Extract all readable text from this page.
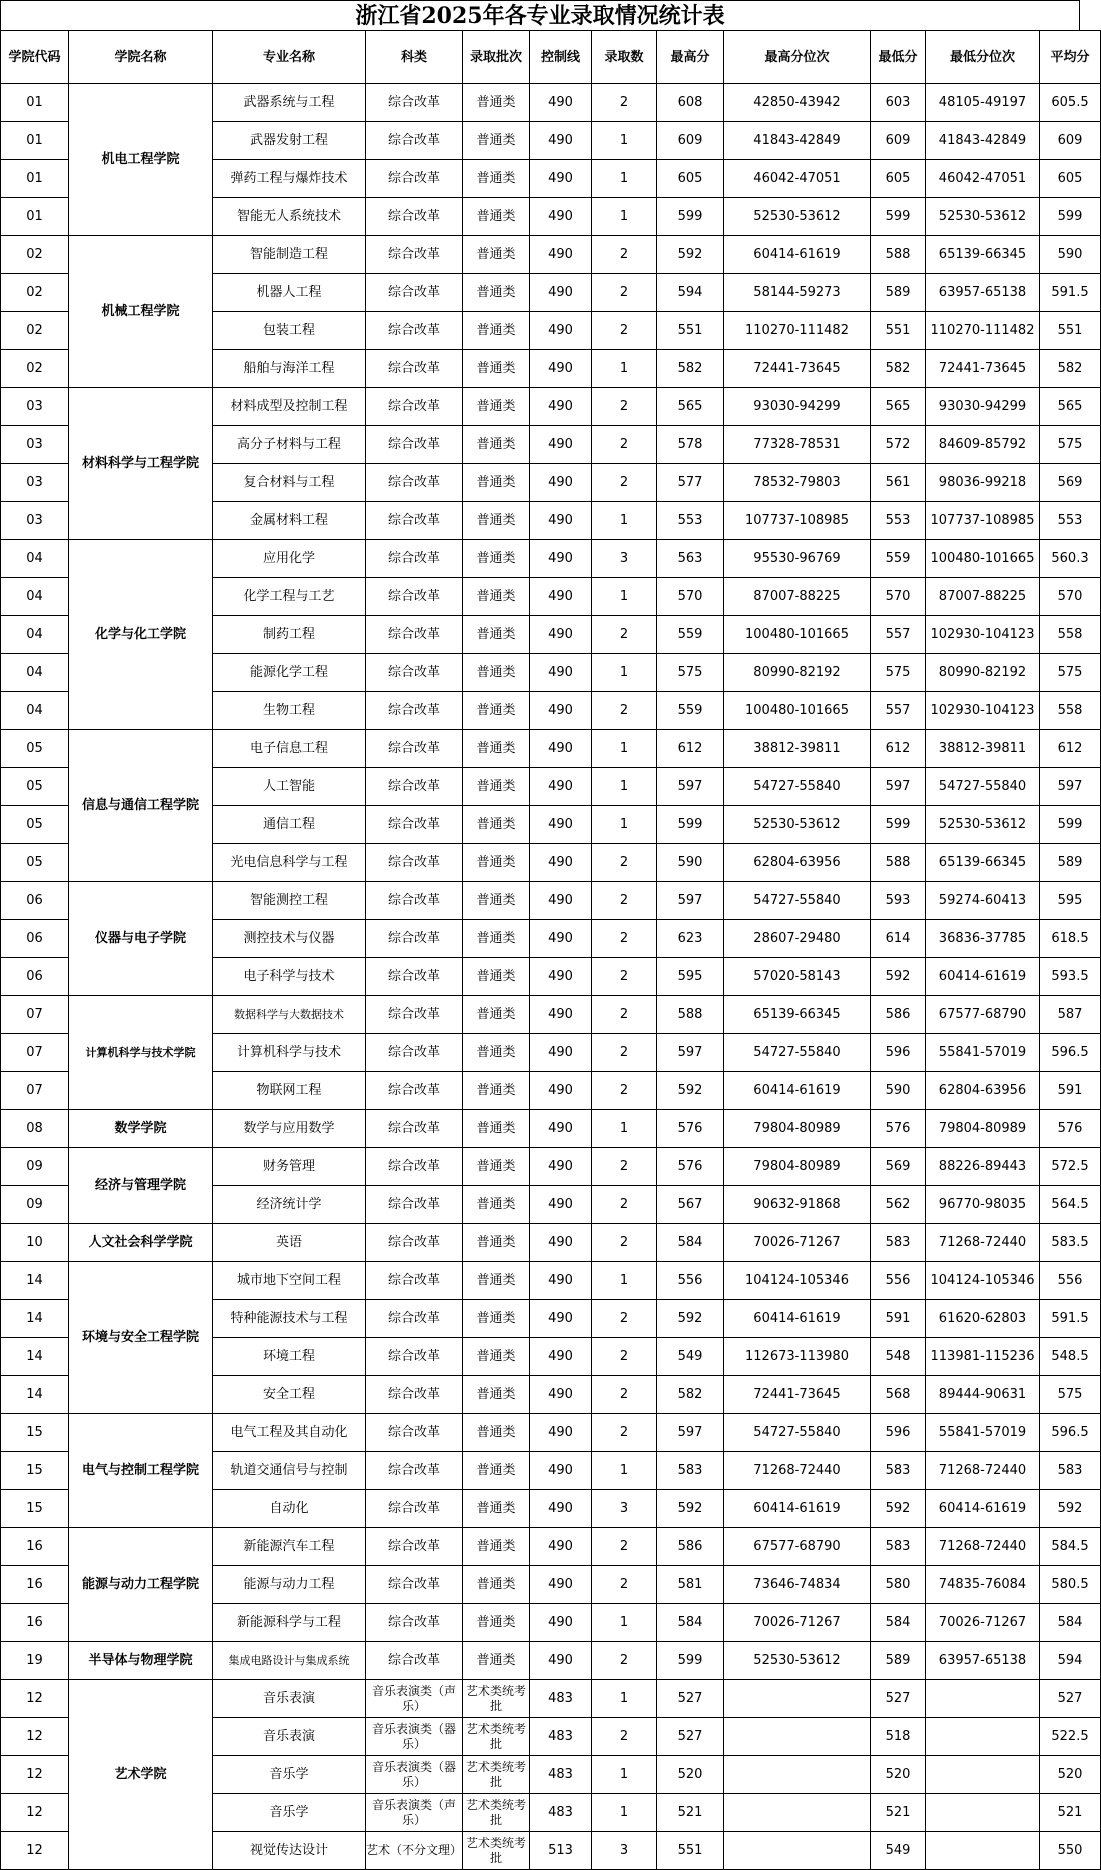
浙江省2025年各专业录取情况统计表
学院代码	学院名称	专业名称	科类	录取批次	控制线	录取数	最高分	最高分位次	最低分	最低分位次	平均分
01	机电工程学院	武器系统与工程	综合改革	普通类	490	2	608	42850-43942	603	48105-49197	605.5
01		武器发射工程	综合改革	普通类	490	1	609	41843-42849	609	41843-42849	609
01		弹药工程与爆炸技术	综合改革	普通类	490	1	605	46042-47051	605	46042-47051	605
01		智能无人系统技术	综合改革	普通类	490	1	599	52530-53612	599	52530-53612	599
02	机械工程学院	智能制造工程	综合改革	普通类	490	2	592	60414-61619	588	65139-66345	590
02		机器人工程	综合改革	普通类	490	2	594	58144-59273	589	63957-65138	591.5
02		包装工程	综合改革	普通类	490	2	551	110270-111482	551	110270-111482	551
02		船舶与海洋工程	综合改革	普通类	490	1	582	72441-73645	582	72441-73645	582
03	材料科学与工程学院	材料成型及控制工程	综合改革	普通类	490	2	565	93030-94299	565	93030-94299	565
03		高分子材料与工程	综合改革	普通类	490	2	578	77328-78531	572	84609-85792	575
03		复合材料与工程	综合改革	普通类	490	2	577	78532-79803	561	98036-99218	569
03		金属材料工程	综合改革	普通类	490	1	553	107737-108985	553	107737-108985	553
04	化学与化工学院	应用化学	综合改革	普通类	490	3	563	95530-96769	559	100480-101665	560.3
04		化学工程与工艺	综合改革	普通类	490	1	570	87007-88225	570	87007-88225	570
04		制药工程	综合改革	普通类	490	2	559	100480-101665	557	102930-104123	558
04		能源化学工程	综合改革	普通类	490	1	575	80990-82192	575	80990-82192	575
04		生物工程	综合改革	普通类	490	2	559	100480-101665	557	102930-104123	558
05	信息与通信工程学院	电子信息工程	综合改革	普通类	490	1	612	38812-39811	612	38812-39811	612
05		人工智能	综合改革	普通类	490	1	597	54727-55840	597	54727-55840	597
05		通信工程	综合改革	普通类	490	1	599	52530-53612	599	52530-53612	599
05		光电信息科学与工程	综合改革	普通类	490	2	590	62804-63956	588	65139-66345	589
06	仪器与电子学院	智能测控工程	综合改革	普通类	490	2	597	54727-55840	593	59274-60413	595
06		测控技术与仪器	综合改革	普通类	490	2	623	28607-29480	614	36836-37785	618.5
06		电子科学与技术	综合改革	普通类	490	2	595	57020-58143	592	60414-61619	593.5
07	计算机科学与技术学院	数据科学与大数据技术	综合改革	普通类	490	2	588	65139-66345	586	67577-68790	587
07		计算机科学与技术	综合改革	普通类	490	2	597	54727-55840	596	55841-57019	596.5
07		物联网工程	综合改革	普通类	490	2	592	60414-61619	590	62804-63956	591
08	数学学院	数学与应用数学	综合改革	普通类	490	1	576	79804-80989	576	79804-80989	576
09	经济与管理学院	财务管理	综合改革	普通类	490	2	576	79804-80989	569	88226-89443	572.5
09		经济统计学	综合改革	普通类	490	2	567	90632-91868	562	96770-98035	564.5
10	人文社会科学学院	英语	综合改革	普通类	490	2	584	70026-71267	583	71268-72440	583.5
14	环境与安全工程学院	城市地下空间工程	综合改革	普通类	490	1	556	104124-105346	556	104124-105346	556
14		特种能源技术与工程	综合改革	普通类	490	2	592	60414-61619	591	61620-62803	591.5
14		环境工程	综合改革	普通类	490	2	549	112673-113980	548	113981-115236	548.5
14		安全工程	综合改革	普通类	490	2	582	72441-73645	568	89444-90631	575
15	电气与控制工程学院	电气工程及其自动化	综合改革	普通类	490	2	597	54727-55840	596	55841-57019	596.5
15		轨道交通信号与控制	综合改革	普通类	490	1	583	71268-72440	583	71268-72440	583
15		自动化	综合改革	普通类	490	3	592	60414-61619	592	60414-61619	592
16	能源与动力工程学院	新能源汽车工程	综合改革	普通类	490	2	586	67577-68790	583	71268-72440	584.5
16		能源与动力工程	综合改革	普通类	490	2	581	73646-74834	580	74835-76084	580.5
16		新能源科学与工程	综合改革	普通类	490	1	584	70026-71267	584	70026-71267	584
19	半导体与物理学院	集成电路设计与集成系统	综合改革	普通类	490	2	599	52530-53612	589	63957-65138	594
12	艺术学院	音乐表演	音乐表演类（声乐）	艺术类统考批	483	1	527		527		527
12		音乐表演	音乐表演类（器乐）	艺术类统考批	483	2	527		518		522.5
12		音乐学	音乐表演类（器乐）	艺术类统考批	483	1	520		520		520
12		音乐学	音乐表演类（声乐）	艺术类统考批	483	1	521		521		521
12		视觉传达设计	艺术（不分文理）	艺术类统考批	513	3	551		549		550
